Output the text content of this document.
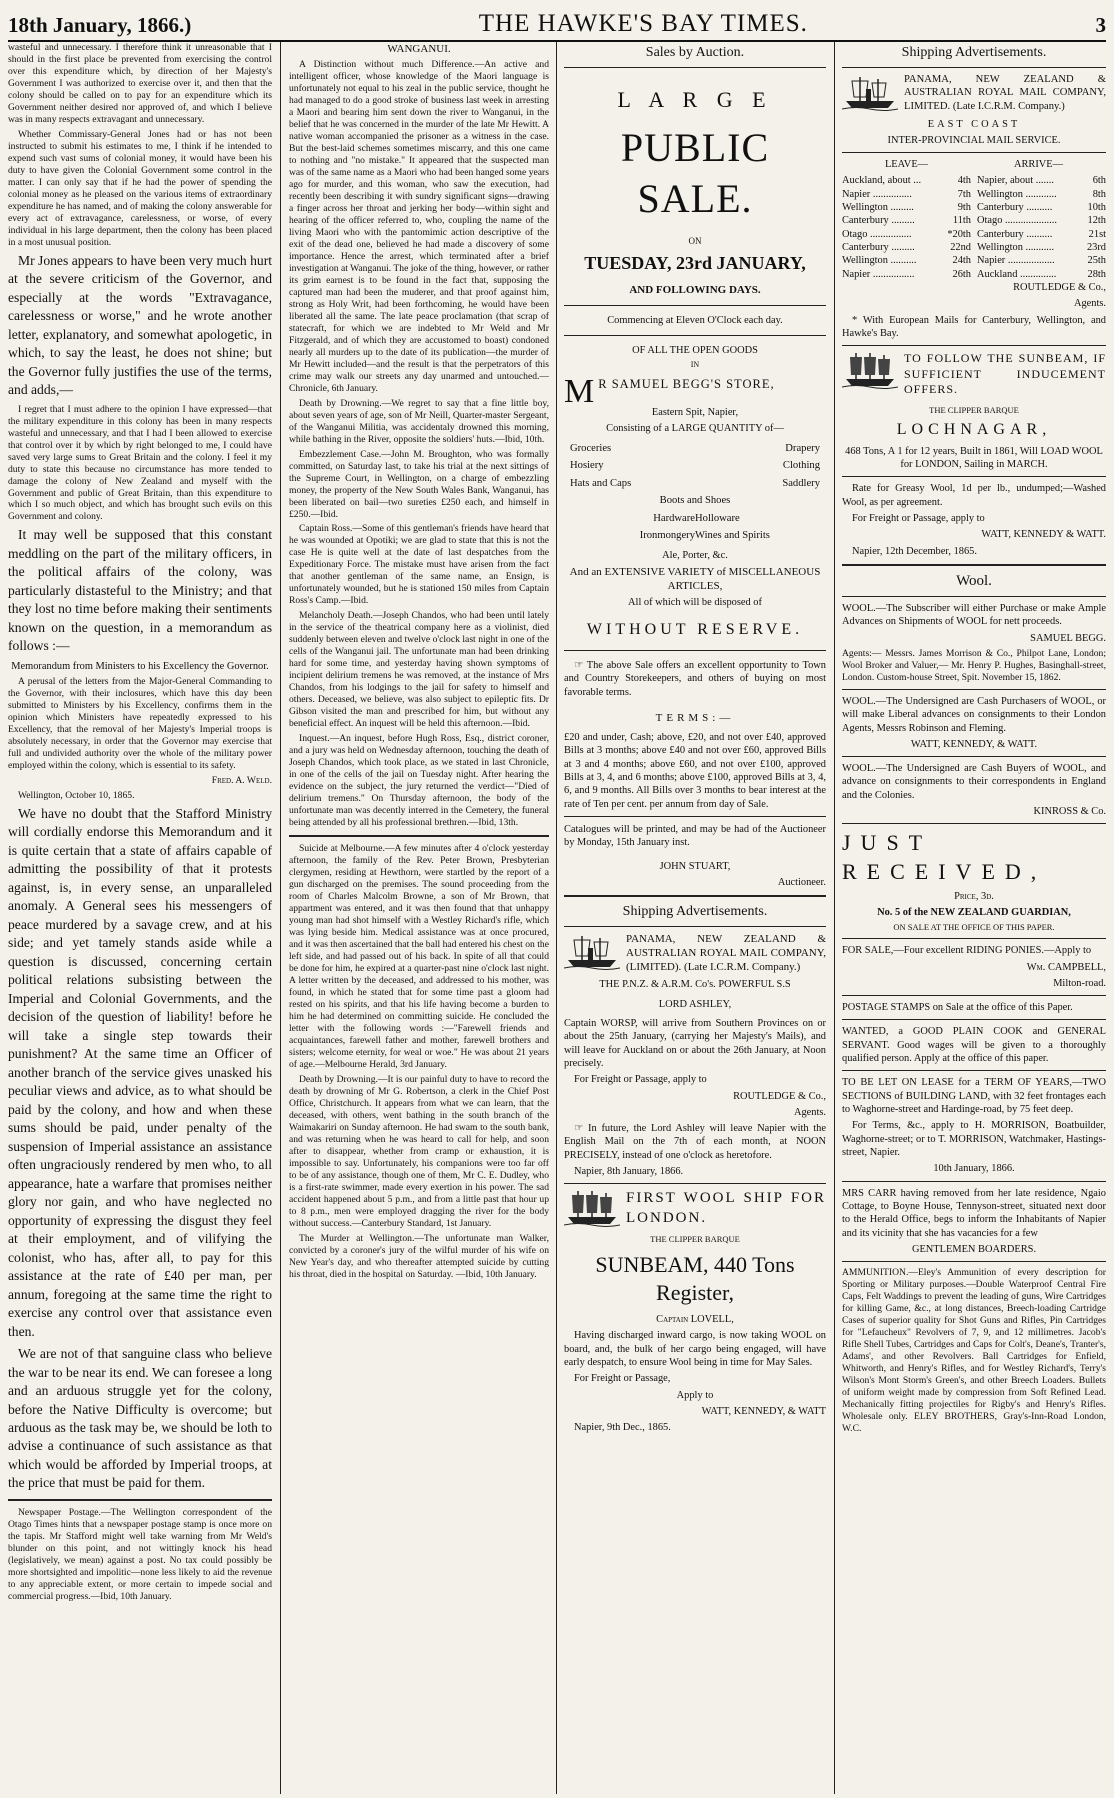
18th January, 1866.)	THE HAWKE'S BAY TIMES.	3

wasteful and unnecessary. I therefore think it unreasonable that I should in the first place be prevented from exercising the control over this expenditure which, by direction of her Majesty's Government I was authorized to exercise over it, and then that the colony should be called on to pay for an expenditure which its Government neither desired nor approved of, and which I believe was in many respects extravagant and unnecessary.

Whether Commissary-General Jones had or has not been instructed to submit his estimates to me, I think if he intended to expend such vast sums of colonial money, it would have been his duty to have given the Colonial Government some control in the matter. I can only say that if he had the power of spending the colonial money as he pleased on the various items of extraordinary expenditure he has named, and of making the colony answerable for every act of extravagance, carelessness, or worse, of every individual in his large department, then the colony has been placed in a most unusual position.

Mr Jones appears to have been very much hurt at the severe criticism of the Governor, and especially at the words "Extravagance, carelessness or worse," and he wrote another letter, explanatory, and somewhat apologetic, in which, to say the least, he does not shine; but the Governor fully justifies the use of the terms, and adds,—

I regret that I must adhere to the opinion I have expressed—that the military expenditure in this colony has been in many respects wasteful and unnecessary, and that I had I been allowed to exercise that control over it by which by right belonged to me, I could have saved very large sums to Great Britain and the colony. I feel it my duty to state this because no circumstance has more tended to damage the colony of New Zealand and myself with the Government and public of Great Britain, than this expenditure to which I so much object, and which has brought such evils on this Government and colony.

It may well be supposed that this constant meddling on the part of the military officers, in the political affairs of the colony, was particularly distasteful to the Ministry; and that they lost no time before making their sentiments known on the question, in a memorandum as follows :—

Memorandum from Ministers to his Excellency the Governor.

A perusal of the letters from the Major-General Commanding to the Governor, with their inclosures, which have this day been submitted to Ministers by his Excellency, confirms them in the opinion which Ministers have repeatedly expressed to his Excellency, that the removal of her Majesty's Imperial troops is absolutely necessary, in order that the Governor may exercise that full and undivided authority over the whole of the military power employed within the colony, which is essential to its safety.

Fred. A. Weld.

Wellington, October 10, 1865.

We have no doubt that the Stafford Ministry will cordially endorse this Memorandum and it is quite certain that a state of affairs capable of admitting the possibility of that it protests against, is, in every sense, an unparalleled anomaly. A General sees his messengers of peace murdered by a savage crew, and at his side; and yet tamely stands aside while a question is discussed, concerning certain political relations subsisting between the Imperial and Colonial Governments, and the decision of the question of liability! before he will take a single step towards their punishment? At the same time an Officer of another branch of the service gives unasked his peculiar views and advice, as to what should be paid by the colony, and how and when these sums should be paid, under penalty of the suspension of Imperial assistance an assistance often ungraciously rendered by men who, to all appearance, hate a warfare that promises neither glory nor gain, and who have neglected no opportunity of expressing the disgust they feel at their employment, and of vilifying the colonist, who has, after all, to pay for this assistance at the rate of £40 per man, per annum, foregoing at the same time the right to exercise any control over that assistance even then.

We are not of that sanguine class who believe the war to be near its end. We can foresee a long and an arduous struggle yet for the colony, before the Native Difficulty is overcome; but arduous as the task may be, we should be loth to advise a continuance of such assistance as that which would be afforded by Imperial troops, at the price that must be paid for them.

Newspaper Postage.—The Wellington correspondent of the Otago Times hints that a newspaper postage stamp is once more on the tapis. Mr Stafford might well take warning from Mr Weld's blunder on this point, and not wittingly knock his head (legislatively, we mean) against a post. No tax could possibly be more shortsighted and impolitic—none less likely to aid the revenue to any appreciable extent, or more certain to impede social and commercial progress.—Ibid, 10th January.

WANGANUI.

A Distinction without much Difference.—An active and intelligent officer, whose knowledge of the Maori language is unfortunately not equal to his zeal in the public service, thought he had managed to do a good stroke of business last week in arresting a Maori and bearing him sent down the river to Wanganui, in the belief that he was concerned in the murder of the late Mr Hewitt. A native woman accompanied the prisoner as a witness in the case. But the best-laid schemes sometimes miscarry, and this one came to nothing and "no mistake." It appeared that the suspected man was of the same name as a Maori who had been hanged some years ago for murder, and this woman, who saw the execution, had recently been describing it with sundry significant signs—drawing a finger across her throat and jerking her body—within sight and hearing of the officer referred to, who, coupling the name of the living Maori who with the pantomimic action descriptive of the exit of the dead one, believed he had made a discovery of some importance. Hence the arrest, which terminated after a brief investigation at Wanganui. The joke of the thing, however, or rather its grim earnest is to be found in the fact that, supposing the captured man had been the muderer, and that proof against him, strong as Holy Writ, had been forthcoming, he would have been liberated all the same. The late peace proclamation (that scrap of statecraft, for which we are indebted to Mr Weld and Mr Fitzgerald, and of which they are accustomed to boast) condoned nearly all murders up to the date of its publication—the murder of Mr Hewitt included—and the result is that the perpetrators of this crime may walk our streets any day unarmed and untouched.—Chronicle, 6th January.

Death by Drowning.—We regret to say that a fine little boy, about seven years of age, son of Mr Neill, Quarter-master Sergeant, of the Wanganui Militia, was accidentaly drowned this morning, while bathing in the River, opposite the soldiers' huts.—Ibid, 10th.

Embezzlement Case.—John M. Broughton, who was formally committed, on Saturday last, to take his trial at the next sittings of the Supreme Court, in Wellington, on a charge of embezzling money, the property of the New South Wales Bank, Wanganui, has been liberated on bail—two sureties £250 each, and himself in £250.—Ibid.

Captain Ross.—Some of this gentleman's friends have heard that he was wounded at Opotiki; we are glad to state that this is not the case He is quite well at the date of last despatches from the Expeditionary Force. The mistake must have arisen from the fact that another gentleman of the same name, an Ensign, is unfortunately wounded, but he is stationed 150 miles from Captain Ross's Camp.—Ibid.

Melancholy Death.—Joseph Chandos, who had been until lately in the service of the theatrical company here as a violinist, died suddenly between eleven and twelve o'clock last night in one of the cells of the Wanganui jail. The unfortunate man had been drinking hard for some time, and yesterday having shown symptoms of incipient delirium tremens he was removed, at the instance of Mrs Chandos, from his lodgings to the jail for safety to himself and others. Deceased, we believe, was also subject to epileptic fits. Dr Gibson visited the man and prescribed for him, but without any beneficial effect. An inquest will be held this afternoon.—Ibid.

Inquest.—An inquest, before Hugh Ross, Esq., district coroner, and a jury was held on Wednesday afternoon, touching the death of Joseph Chandos, which took place, as we stated in last Chronicle, in one of the cells of the jail on Tuesday night. After hearing the evidence on the subject, the jury returned the verdict—"Died of delirium tremens." On Thursday afternoon, the body of the unfortunate man was decently interred in the Cemetery, the funeral being attended by all his professional brethren.—Ibid, 13th.

Suicide at Melbourne.—A few minutes after 4 o'clock yesterday afternoon, the family of the Rev. Peter Brown, Presbyterian clergymen, residing at Hewthorn, were startled by the report of a gun discharged on the premises. The sound proceeding from the room of Charles Malcolm Browne, a son of Mr Brown, that appartment was entered, and it was then found that that unhappy young man had shot himself with a Westley Richard's rifle, which was lying beside him. Medical assistance was at once procured, and it was then ascertained that the ball had entered his chest on the left side, and had passed out of his back. In spite of all that could be done for him, he expired at a quarter-past nine o'clock last night. A letter written by the deceased, and addressed to his mother, was found, in which he stated that for some time past a gloom had rested on his spirits, and that his life having become a burden to him he had determined on committing suicide. He concluded the letter with the following words :—"Farewell friends and acquaintances, farewell father and mother, farewell brothers and sisters; welcome eternity, for weal or woe." He was about 21 years of age.—Melbourne Herald, 3rd January.

Death by Drowning.—It is our painful duty to have to record the death by drowning of Mr G. Robertson, a clerk in the Chief Post Office, Christchurch. It appears from what we can learn, that the deceased, with others, went bathing in the south branch of the Waimakariri on Sunday afternoon. He had swam to the south bank, and was returning when he was heard to call for help, and soon after to disappear, whether from cramp or exhaustion, it is impossible to say. Unfortunately, his companions were too far off to be of any assistance, though one of them, Mr C. E. Dudley, who is a first-rate swimmer, made every exertion in his power. The sad accident happened about 5 p.m., and from a little past that hour up to 8 p.m., men were employed dragging the river for the body without success.—Canterbury Standard, 1st January.

The Murder at Wellington.—The unfortunate man Walker, convicted by a coroner's jury of the wilful murder of his wife on New Year's day, and who thereafter attempted suicide by cutting his throat, died in the hospital on Saturday. —Ibid, 10th January.

Sales by Auction.
L A R G E
PUBLIC SALE.
ON
TUESDAY, 23rd JANUARY,
AND FOLLOWING DAYS.

Commencing at Eleven O'Clock each day.

OF ALL THE OPEN GOODS

IN

M R SAMUEL BEGG'S STORE,

Eastern Spit, Napier,

Consisting of a LARGE QUANTITY of—

Groceries	Drapery
Hosiery	Clothing
Hats and Caps	Saddlery
Boots and Shoes
Hardware Holloware
Ironmongery Wines and Spirits

Ale, Porter, &c.

And an EXTENSIVE VARIETY of MISCELLANEOUS ARTICLES,

All of which will be disposed of

WITHOUT RESERVE.

☞ The above Sale offers an excellent opportunity to Town and Country Storekeepers, and others of buying on most favorable terms.

TERMS:—

£20 and under, Cash; above, £20, and not over £40, approved Bills at 3 months; above £40 and not over £60, approved Bills at 3 and 4 months; above £60, and not over £100, approved Bills at 3, 4, and 6 months; above £100, approved Bills at 3, 4, 6, and 9 months. All Bills over 3 months to bear interest at the rate of Ten per cent. per annum from day of Sale.

Catalogues will be printed, and may be had of the Auctioneer by Monday, 15th January inst.

JOHN STUART,

Auctioneer.

Shipping Advertisements.

PANAMA, NEW ZEALAND & AUSTRALIAN ROYAL MAIL COMPANY, (LIMITED). (Late I.C.R.M. Company.)

THE P.N.Z. & A.R.M. Co's. POWERFUL S.S

LORD ASHLEY,

Captain WORSP, will arrive from Southern Provinces on or about the 25th January, (carrying her Majesty's Mails), and will leave for Auckland on or about the 26th January, at Noon precisely.

For Freight or Passage, apply to

ROUTLEDGE & Co.,

Agents.

☞ In future, the Lord Ashley will leave Napier with the English Mail on the 7th of each month, at NOON PRECISELY, instead of one o'clock as heretofore.

Napier, 8th January, 1866.

FIRST WOOL SHIP FOR LONDON.

THE CLIPPER BARQUE

SUNBEAM, 440 Tons Register,

Captain LOVELL,

Having discharged inward cargo, is now taking WOOL on board, and, the bulk of her cargo being engaged, will have early despatch, to ensure Wool being in time for May Sales.

For Freight or Passage,

Apply to

WATT, KENNEDY, & WATT

Napier, 9th Dec., 1865.

Shipping Advertisements.

PANAMA, NEW ZEALAND & AUSTRALIAN ROYAL MAIL COMPANY, LIMITED. (Late I.C.R.M. Company.)

EAST COAST

INTER-PROVINCIAL MAIL SERVICE.

LEAVE—	ARRIVE—
Auckland, about ...	4th Napier, about .......	6th
Napier ...............	7th Wellington ............	8th
Wellington .........	9th Canterbury ..........	10th
Canterbury .........	11th Otago ....................	12th
Otago ................	*20th Canterbury ..........	21st
Canterbury .........	22nd Wellington ...........	23rd
Wellington ..........	24th Napier ..................	25th
Napier ................	26th Auckland ..............	28th

ROUTLEDGE & Co.,

Agents.

* With European Mails for Canterbury, Wellington, and Hawke's Bay.

TO FOLLOW THE SUNBEAM, IF SUFFICIENT INDUCEMENT OFFERS.

THE CLIPPER BARQUE

LOCHNAGAR,

468 Tons, A 1 for 12 years, Built in 1861, Will LOAD WOOL for LONDON, Sailing in MARCH.

Rate for Greasy Wool, 1d per lb., undumped;—Washed Wool, as per agreement.

For Freight or Passage, apply to

WATT, KENNEDY & WATT.

Napier, 12th December, 1865.

Wool.

WOOL.—The Subscriber will either Purchase or make Ample Advances on Shipments of WOOL for nett proceeds.

SAMUEL BEGG.

Agents:— Messrs. James Morrison & Co., Philpot Lane, London; Wool Broker and Valuer,— Mr. Henry P. Hughes, Basinghall-street, London. Custom-house Street, Spit. November 15, 1862.

WOOL.—The Undersigned are Cash Purchasers of WOOL, or will make Liberal advances on consignments to their London Agents, Messrs Robinson and Fleming.

WATT, KENNEDY, & WATT.

WOOL.—The Undersigned are Cash Buyers of WOOL, and advance on consignments to their correspondents in England and the Colonies.

KINROSS & Co.

JUST RECEIVED,

Price, 3d.

No. 5 of the NEW ZEALAND GUARDIAN,

ON SALE AT THE OFFICE OF THIS PAPER.

FOR SALE,—Four excellent RIDING PONIES.—Apply to

Wm. CAMPBELL,

Milton-road.

POSTAGE STAMPS on Sale at the office of this Paper.

WANTED, a GOOD PLAIN COOK and GENERAL SERVANT. Good wages will be given to a thoroughly qualified person. Apply at the office of this paper.

TO BE LET ON LEASE for a TERM OF YEARS,—TWO SECTIONS of BUILDING LAND, with 32 feet frontages each to Waghorne-street and Hardinge-road, by 75 feet deep.

For Terms, &c., apply to H. MORRISON, Boatbuilder, Waghorne-street; or to T. MORRISON, Watchmaker, Hastings-street, Napier.

10th January, 1866.

MRS CARR having removed from her late residence, Ngaio Cottage, to Boyne House, Tennyson-street, situated next door to the Herald Office, begs to inform the Inhabitants of Napier and its vicinity that she has vacancies for a few

GENTLEMEN BOARDERS.

AMMUNITION.—Eley's Ammunition of every description for Sporting or Military purposes.—Double Waterproof Central Fire Caps, Felt Waddings to prevent the leading of guns, Wire Cartridges for killing Game, &c., at long distances, Breech-loading Cartridge Cases of superior quality for Shot Guns and Rifles, Pin Cartridges for "Lefaucheux" Revolvers of 7, 9, and 12 millimetres. Jacob's Rifle Shell Tubes, Cartridges and Caps for Colt's, Deane's, Tranter's, Adams', and other Revolvers. Ball Cartridges for Enfield, Whitworth, and Henry's Rifles, and for Westley Richard's, Terry's Wilson's Mont Storm's Green's, and other Breech Loaders. Bullets of uniform weight made by compression from Soft Refined Lead. Mechanically fitting projectiles for Rigby's and Henry's Rifles. Wholesale only. ELEY BROTHERS, Gray's-Inn-Road London, W.C.
